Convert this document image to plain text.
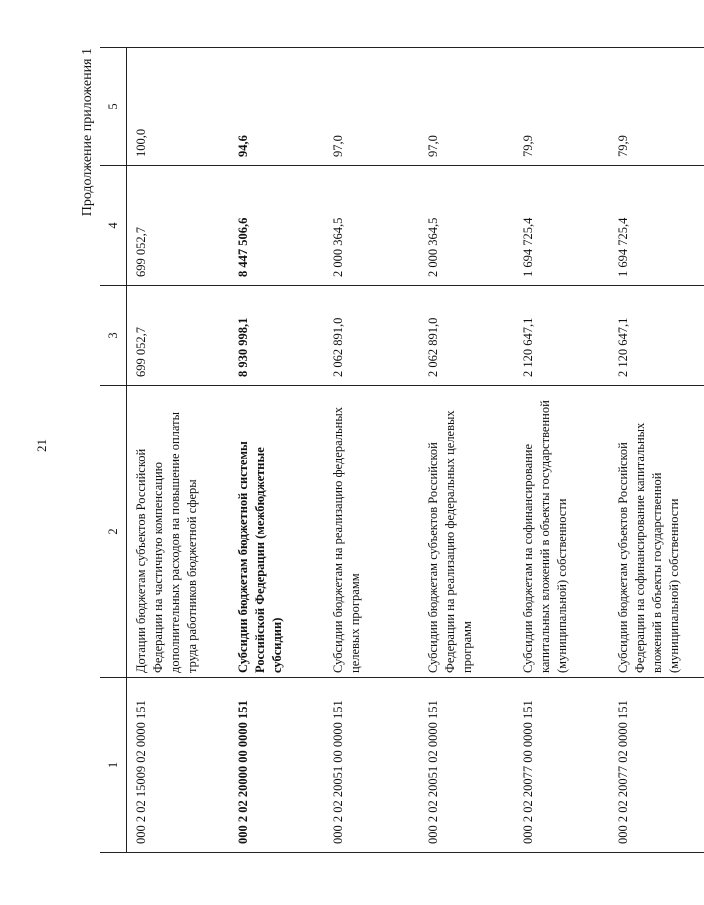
21
Продолжение приложения 1
1	2	3	4	5
000 2 02 15009 02 0000 151	Дотации бюджетам субъектов Российской Федерации на частичную компенсацию дополнительных расходов на повышение оплаты труда работников бюджетной сферы	699 052,7	699 052,7	100,0
000 2 02 20000 00 0000 151	Субсидии бюджетам бюджетной системы Российской Федерации (межбюджетные субсидии)	8 930 998,1	8 447 506,6	94,6
000 2 02 20051 00 0000 151	Субсидии бюджетам на реализацию федеральных целевых программ	2 062 891,0	2 000 364,5	97,0
000 2 02 20051 02 0000 151	Субсидии бюджетам субъектов Российской Федерации на реализацию федеральных целевых программ	2 062 891,0	2 000 364,5	97,0
000 2 02 20077 00 0000 151	Субсидии бюджетам на софинансирование капитальных вложений в объекты государственной (муниципальной) собственности	2 120 647,1	1 694 725,4	79,9
000 2 02 20077 02 0000 151	Субсидии бюджетам субъектов Российской Федерации на софинансирование капитальных вложений в объекты государственной (муниципальной) собственности	2 120 647,1	1 694 725,4	79,9
